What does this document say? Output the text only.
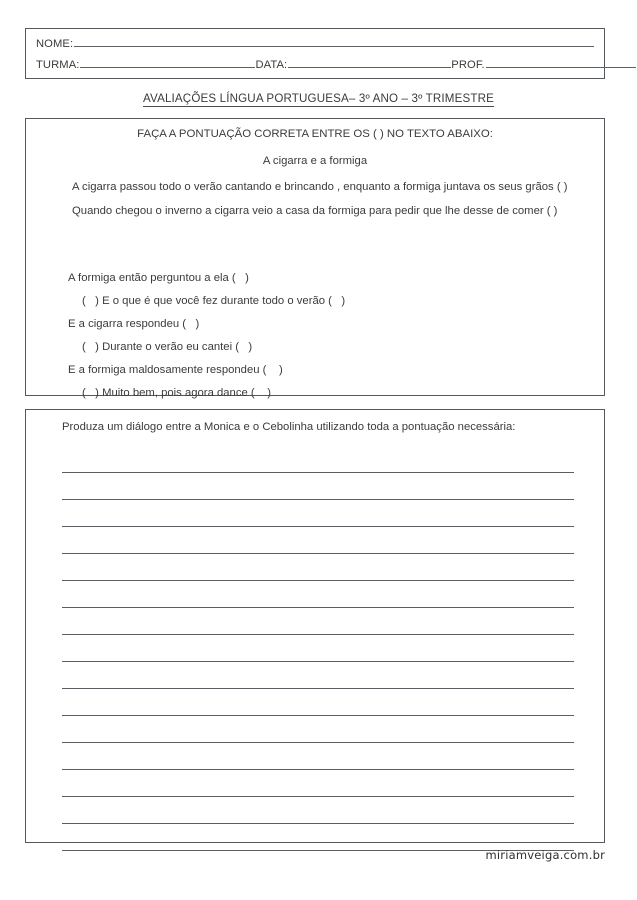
NOME:
TURMA:	DATA:	PROF.
AVALIAÇÕES LÍNGUA PORTUGUESA– 3º ANO – 3º TRIMESTRE
FAÇA A PONTUAÇÃO CORRETA ENTRE OS ( ) NO TEXTO ABAIXO:
A cigarra e a formiga

A cigarra passou todo o verão cantando e brincando , enquanto a formiga juntava os seus grãos ( )

Quando chegou o inverno a cigarra veio a casa da formiga para pedir que lhe desse de comer ( )

A formiga então perguntou a ela (   )
(   ) E o que é que você fez durante todo o verão (   )
E a cigarra respondeu (   )
(   ) Durante o verão eu cantei (   )
E a formiga maldosamente respondeu (    )
(   ) Muito bem, pois agora dance (    )
Produza um diálogo entre a Monica e o Cebolinha utilizando toda a pontuação necessária:
miriamveiga.com.br
